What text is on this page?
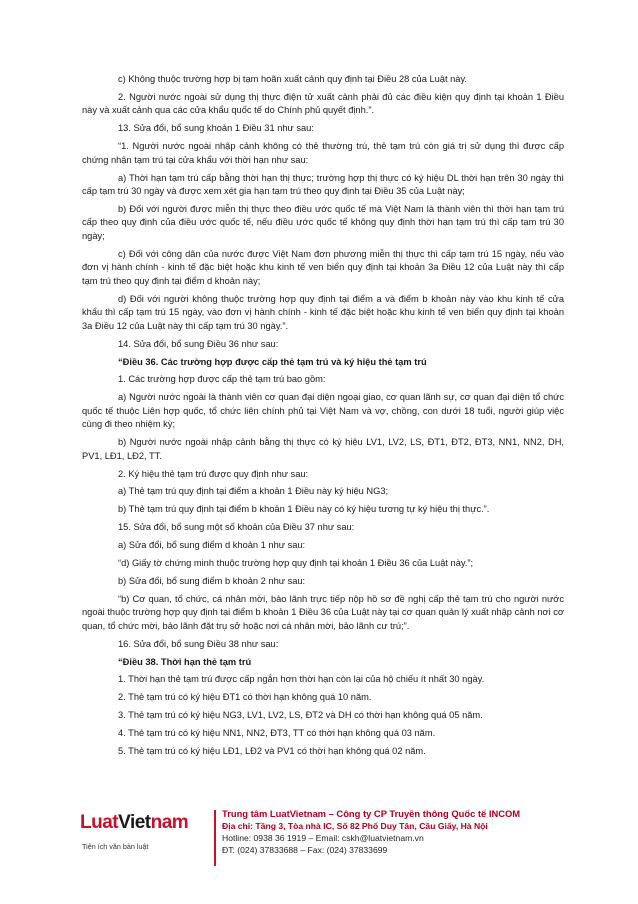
c) Không thuộc trường hợp bị tạm hoãn xuất cảnh quy định tại Điều 28 của Luật này.

2. Người nước ngoài sử dụng thị thực điện tử xuất cảnh phải đủ các điều kiện quy định tại khoản 1 Điều này và xuất cảnh qua các cửa khẩu quốc tế do Chính phủ quyết định.”.

13. Sửa đổi, bổ sung khoản 1 Điều 31 như sau:

“1. Người nước ngoài nhập cảnh không có thẻ thường trú, thẻ tạm trú còn giá trị sử dụng thì được cấp chứng nhận tạm trú tại cửa khẩu với thời hạn như sau:

a) Thời hạn tạm trú cấp bằng thời hạn thị thực; trường hợp thị thực có ký hiệu DL thời hạn trên 30 ngày thì cấp tạm trú 30 ngày và được xem xét gia hạn tạm trú theo quy định tại Điều 35 của Luật này;

b) Đối với người được miễn thị thực theo điều ước quốc tế mà Việt Nam là thành viên thì thời hạn tạm trú cấp theo quy định của điều ước quốc tế, nếu điều ước quốc tế không quy định thời hạn tạm trú thì cấp tạm trú 30 ngày;

c) Đối với công dân của nước được Việt Nam đơn phương miễn thị thực thì cấp tạm trú 15 ngày, nếu vào đơn vị hành chính - kinh tế đặc biệt hoặc khu kinh tế ven biển quy định tại khoản 3a Điều 12 của Luật này thì cấp tạm trú theo quy định tại điểm d khoản này;

d) Đối với người không thuộc trường hợp quy định tại điểm a và điểm b khoản này vào khu kinh tế cửa khẩu thì cấp tạm trú 15 ngày, vào đơn vị hành chính - kinh tế đặc biệt hoặc khu kinh tế ven biển quy định tại khoản 3a Điều 12 của Luật này thì cấp tạm trú 30 ngày.”.

14. Sửa đổi, bổ sung Điều 36 như sau:

“Điều 36. Các trường hợp được cấp thẻ tạm trú và ký hiệu thẻ tạm trú

1. Các trường hợp được cấp thẻ tạm trú bao gồm:

a) Người nước ngoài là thành viên cơ quan đại diện ngoại giao, cơ quan lãnh sự, cơ quan đại diện tổ chức quốc tế thuộc Liên hợp quốc, tổ chức liên chính phủ tại Việt Nam và vợ, chồng, con dưới 18 tuổi, người giúp việc cùng đi theo nhiệm kỳ;

b) Người nước ngoài nhập cảnh bằng thị thực có ký hiệu LV1, LV2, LS, ĐT1, ĐT2, ĐT3, NN1, NN2, DH, PV1, LĐ1, LĐ2, TT.

2. Ký hiệu thẻ tạm trú được quy định như sau:

a) Thẻ tạm trú quy định tại điểm a khoản 1 Điều này ký hiệu NG3;

b) Thẻ tạm trú quy định tại điểm b khoản 1 Điều này có ký hiệu tương tự ký hiệu thị thực.”.

15. Sửa đổi, bổ sung một số khoản của Điều 37 như sau:

a) Sửa đổi, bổ sung điểm d khoản 1 như sau:

“d) Giấy tờ chứng minh thuộc trường hợp quy định tại khoản 1 Điều 36 của Luật này.”;

b) Sửa đổi, bổ sung điểm b khoản 2 như sau:

“b) Cơ quan, tổ chức, cá nhân mời, bảo lãnh trực tiếp nộp hồ sơ đề nghị cấp thẻ tạm trú cho người nước ngoài thuộc trường hợp quy định tại điểm b khoản 1 Điều 36 của Luật này tại cơ quan quản lý xuất nhập cảnh nơi cơ quan, tổ chức mời, bảo lãnh đặt trụ sở hoặc nơi cá nhân mời, bảo lãnh cư trú;”.

16. Sửa đổi, bổ sung Điều 38 như sau:

“Điều 38. Thời hạn thẻ tạm trú

1. Thời hạn thẻ tạm trú được cấp ngắn hơn thời hạn còn lại của hộ chiếu ít nhất 30 ngày.

2. Thẻ tạm trú có ký hiệu ĐT1 có thời hạn không quá 10 năm.

3. Thẻ tạm trú có ký hiệu NG3, LV1, LV2, LS, ĐT2 và DH có thời hạn không quá 05 năm.

4. Thẻ tạm trú có ký hiệu NN1, NN2, ĐT3, TT có thời hạn không quá 03 năm.

5. Thẻ tạm trú có ký hiệu LĐ1, LĐ2 và PV1 có thời hạn không quá 02 năm.

LuatVietnam
Tiện ích văn bản luật
Trung tâm LuatVietnam – Công ty CP Truyền thông Quốc tế INCOM
Địa chỉ: Tầng 3, Tòa nhà IC, Số 82 Phố Duy Tân, Cầu Giấy, Hà Nội
Hotline: 0938 36 1919 – Email: cskh@luatvietnam.vn
ĐT: (024) 37833688 – Fax: (024) 37833699
